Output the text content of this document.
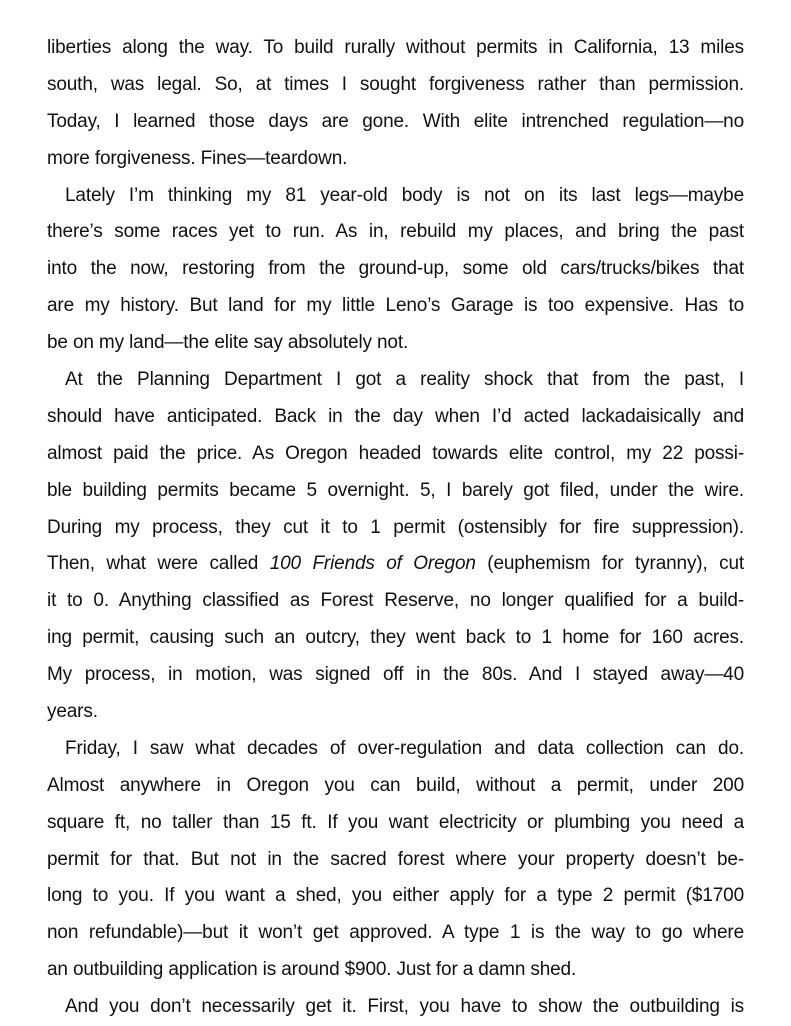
liberties along the way. To build rurally without permits in California, 13 miles
south, was legal. So, at times I sought forgiveness rather than permission.
Today, I learned those days are gone. With elite intrenched regulation—no
more forgiveness. Fines—teardown.
Lately I’m thinking my 81 year-old body is not on its last legs—maybe
there’s some races yet to run. As in, rebuild my places, and bring the past
into the now, restoring from the ground-up, some old cars/trucks/bikes that
are my history. But land for my little Leno’s Garage is too expensive. Has to
be on my land—the elite say absolutely not.
At the Planning Department I got a reality shock that from the past, I
should have anticipated. Back in the day when I’d acted lackadaisically and
almost paid the price. As Oregon headed towards elite control, my 22 possi-
ble building permits became 5 overnight. 5, I barely got filed, under the wire.
During my process, they cut it to 1 permit (ostensibly for fire suppression).
Then, what were called 100 Friends of Oregon (euphemism for tyranny), cut
it to 0. Anything classified as Forest Reserve, no longer qualified for a build-
ing permit, causing such an outcry, they went back to 1 home for 160 acres.
My process, in motion, was signed off in the 80s. And I stayed away—40
years.
Friday, I saw what decades of over-regulation and data collection can do.
Almost anywhere in Oregon you can build, without a permit, under 200
square ft, no taller than 15 ft. If you want electricity or plumbing you need a
permit for that. But not in the sacred forest where your property doesn’t be-
long to you. If you want a shed, you either apply for a type 2 permit ($1700
non refundable)—but it won’t get approved. A type 1 is the way to go where
an outbuilding application is around $900. Just for a damn shed.
And you don’t necessarily get it. First, you have to show the outbuilding is
